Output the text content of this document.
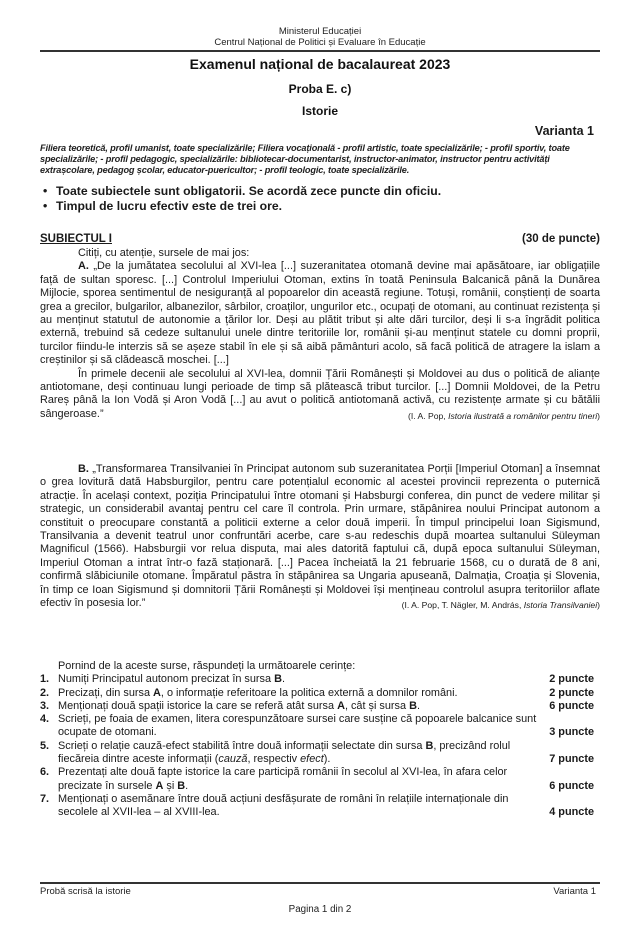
Ministerul Educației
Centrul Național de Politici și Evaluare în Educație
Examenul național de bacalaureat 2023
Proba E. c)
Istorie
Varianta 1
Filiera teoretică, profil umanist, toate specializările; Filiera vocațională - profil artistic, toate specializările; - profil sportiv, toate specializările; - profil pedagogic, specializările: bibliotecar-documentarist, instructor-animator, instructor pentru activități extrașcolare, pedagog școlar, educator-puericultor; - profil teologic, toate specializările.
• Toate subiectele sunt obligatorii. Se acordă zece puncte din oficiu.
• Timpul de lucru efectiv este de trei ore.
SUBIECTUL I	(30 de puncte)
Citiți, cu atenție, sursele de mai jos:
A. „De la jumătatea secolului al XVI-lea [...] suzeranitatea otomană devine mai apăsătoare, iar obligațiile față de sultan sporesc. [...] Controlul Imperiului Otoman, extins în toată Peninsula Balcanică până la Dunărea Mijlocie, sporea sentimentul de nesiguranță al popoarelor din această regiune. Totuși, românii, conștienți de soarta grea a grecilor, bulgarilor, albanezilor, sârbilor, croaților, ungurilor etc., ocupați de otomani, au continuat rezistența și au menținut statutul de autonomie a țărilor lor. Deși au plătit tribut și alte dări turcilor, deși li s-a îngrădit politica externă, trebuind să cedeze sultanului unele dintre teritoriile lor, românii și-au menținut statele cu domni proprii, turcilor fiindu-le interzis să se așeze stabil în ele și să aibă pământuri acolo, să facă politică de atragere la islam a creștinilor și să clădească moschei. [...]
În primele decenii ale secolului al XVI-lea, domnii Țării Românești și Moldovei au dus o politică de alianțe antiotomane, deși continuau lungi perioade de timp să plătească tribut turcilor. [...] Domnii Moldovei, de la Petru Rareș până la Ion Vodă și Aron Vodă [...] au avut o politică antiotomană activă, cu rezistențe armate și cu bătălii sângeroase.”	(I. A. Pop, Istoria ilustrată a românilor pentru tineri)
B. „Transformarea Transilvaniei în Principat autonom sub suzeranitatea Porții [Imperiul Otoman] a însemnat o grea lovitură dată Habsburgilor, pentru care potențialul economic al acestei provincii reprezenta o puternică atracție. În același context, poziția Principatului între otomani și Habsburgi conferea, din punct de vedere militar și strategic, un considerabil avantaj pentru cel care îl controla. Prin urmare, stăpânirea noului Principat autonom a constituit o preocupare constantă a politicii externe a celor două imperii. În timpul principelui Ioan Sigismund, Transilvania a devenit teatrul unor confruntări acerbe, care s-au redeschis după moartea sultanului Süleyman Magnificul (1566). Habsburgii vor relua disputa, mai ales datorită faptului că, după epoca sultanului Süleyman, Imperiul Otoman a intrat într-o fază staționară. [...] Pacea încheiată la 21 februarie 1568, cu o durată de 8 ani, confirmă slăbiciunile otomane. Împăratul păstra în stăpânirea sa Ungaria apuseană, Dalmația, Croația și Slovenia, în timp ce Ioan Sigismund și domnitorii Țării Românești și Moldovei își mențineau controlul asupra teritoriilor aflate efectiv în posesia lor.”	(I. A. Pop, T. Nägler, M. András, Istoria Transilvaniei)
Pornind de la aceste surse, răspundeți la următoarele cerințe:
1. Numiți Principatul autonom precizat în sursa B.	2 puncte
2. Precizați, din sursa A, o informație referitoare la politica externă a domnilor români.	2 puncte
3. Menționați două spații istorice la care se referă atât sursa A, cât și sursa B.	6 puncte
4. Scrieți, pe foaia de examen, litera corespunzătoare sursei care susține că popoarele balcanice sunt ocupate de otomani.	3 puncte
5. Scrieți o relație cauză-efect stabilită între două informații selectate din sursa B, precizând rolul fiecăreia dintre aceste informații (cauză, respectiv efect).	7 puncte
6. Prezentați alte două fapte istorice la care participă românii în secolul al XVI-lea, în afara celor precizate în sursele A și B.	6 puncte
7. Menționați o asemănare între două acțiuni desfășurate de români în relațiile internaționale din secolele al XVII-lea – al XVIII-lea.	4 puncte
Probă scrisă la istorie	Varianta 1
Pagina 1 din 2
